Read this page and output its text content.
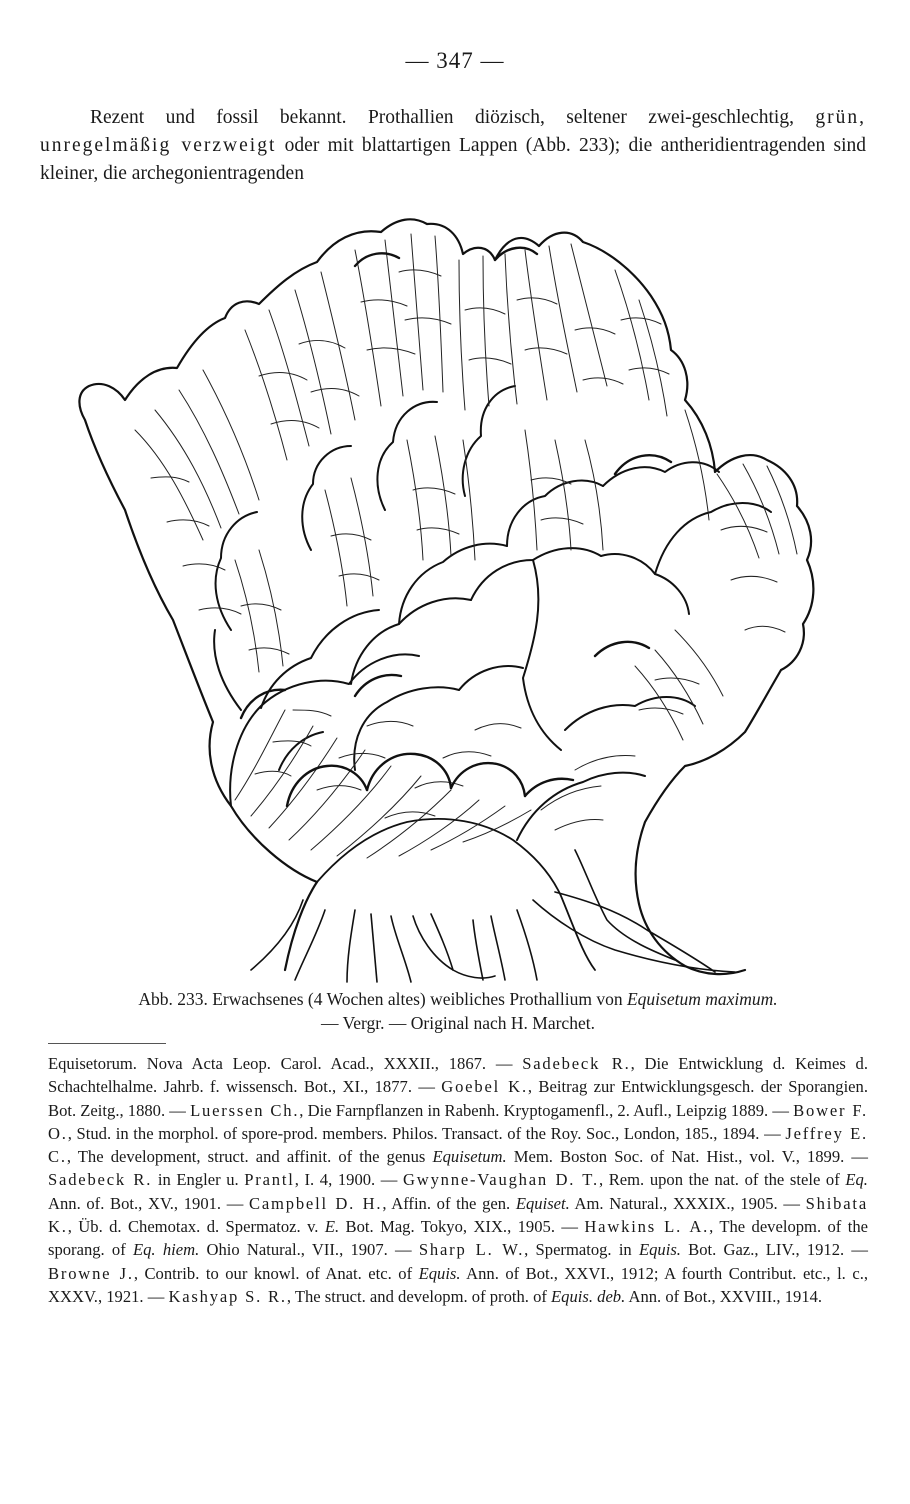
— 347 —

Rezent und fossil bekannt. Prothallien diözisch, seltener zwei-geschlechtig, grün, unregelmäßig verzweigt oder mit blattartigen Lappen (Abb. 233); die antheridientragenden sind kleiner, die archegonientragenden

Abb. 233. Erwachsenes (4 Wochen altes) weibliches Prothallium von Equisetum maximum.
— Vergr. — Original nach H. Marchet.

Equisetorum. Nova Acta Leop. Carol. Acad., XXXII., 1867. — Sadebeck R., Die Entwicklung d. Keimes d. Schachtelhalme. Jahrb. f. wissensch. Bot., XI., 1877. — Goebel K., Beitrag zur Entwicklungsgesch. der Sporangien. Bot. Zeitg., 1880. — Luerssen Ch., Die Farnpflanzen in Rabenh. Kryptogamenfl., 2. Aufl., Leipzig 1889. — Bower F. O., Stud. in the morphol. of spore-prod. members. Philos. Transact. of the Roy. Soc., London, 185., 1894. — Jeffrey E. C., The development, struct. and affinit. of the genus Equisetum. Mem. Boston Soc. of Nat. Hist., vol. V., 1899. — Sadebeck R. in Engler u. Prantl, I. 4, 1900. — Gwynne-Vaughan D. T., Rem. upon the nat. of the stele of Eq. Ann. of. Bot., XV., 1901. — Campbell D. H., Affin. of the gen. Equiset. Am. Natural., XXXIX., 1905. — Shibata K., Üb. d. Chemotax. d. Spermatoz. v. E. Bot. Mag. Tokyo, XIX., 1905. — Hawkins L. A., The developm. of the sporang. of Eq. hiem. Ohio Natural., VII., 1907. — Sharp L. W., Spermatog. in Equis. Bot. Gaz., LIV., 1912. — Browne J., Contrib. to our knowl. of Anat. etc. of Equis. Ann. of Bot., XXVI., 1912; A fourth Contribut. etc., l. c., XXXV., 1921. — Kashyap S. R., The struct. and developm. of proth. of Equis. deb. Ann. of Bot., XXVIII., 1914.
